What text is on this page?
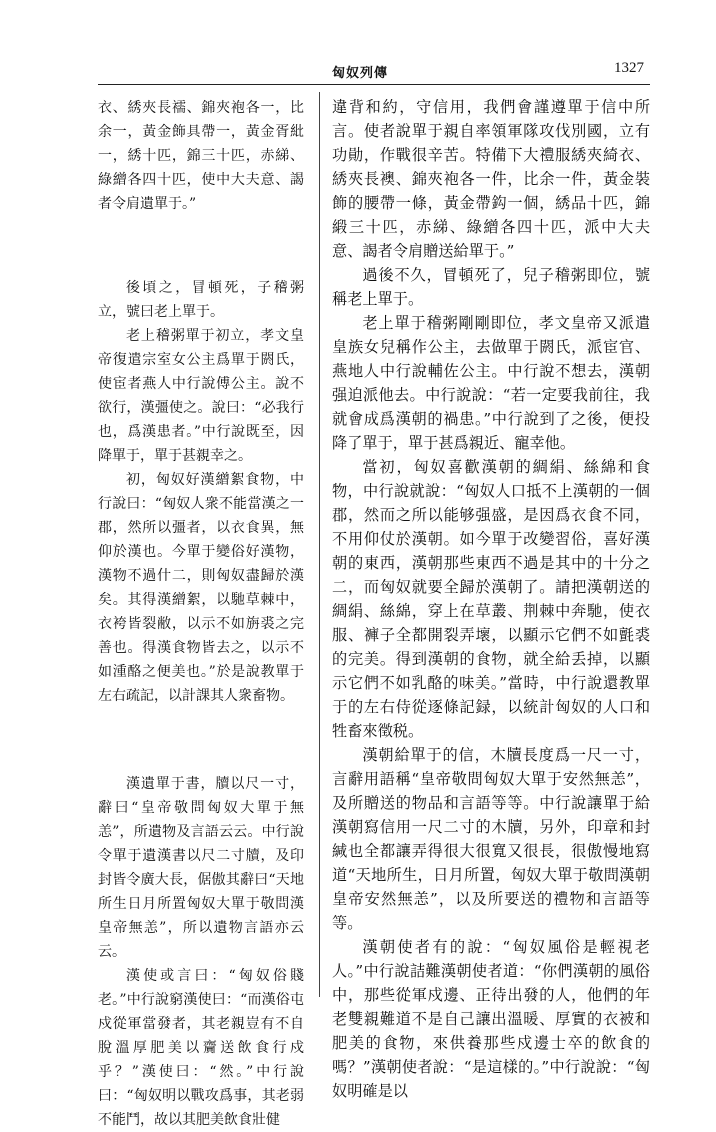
匈奴列傳	1327

衣、綉夾長襦、錦夾袍各一，比余一，黃金飾具帶一，黃金胥紕一，綉十匹，錦三十匹，赤綈、綠繒各四十匹，使中大夫意、謁者令肩遺單于。”

後頃之，冒頓死，子稽粥立，號曰老上單于。

老上稽粥單于初立，孝文皇帝復遣宗室女公主爲單于閼氏，使宦者燕人中行說傅公主。說不欲行，漢彊使之。說曰：“必我行也，爲漢患者。”中行說既至，因降單于，單于甚親幸之。

初，匈奴好漢繒絮食物，中行說曰：“匈奴人衆不能當漢之一郡，然所以彊者，以衣食異，無仰於漢也。今單于變俗好漢物，漢物不過什二，則匈奴盡歸於漢矣。其得漢繒絮，以馳草棘中，衣袴皆裂敝，以示不如旃裘之完善也。得漢食物皆去之，以示不如湩酪之便美也。”於是說教單于左右疏記，以計課其人衆畜物。

漢遺單于書，牘以尺一寸，辭曰“皇帝敬問匈奴大單于無恙”，所遺物及言語云云。中行說令單于遺漢書以尺二寸牘，及印封皆令廣大長，倨傲其辭曰“天地所生日月所置匈奴大單于敬問漢皇帝無恙”，所以遺物言語亦云云。

漢使或言曰：“匈奴俗賤老。”中行說窮漢使曰：“而漢俗屯戍從軍當發者，其老親豈有不自脫溫厚肥美以齎送飲食行戍乎？”漢使曰：“然。”中行說曰：“匈奴明以戰攻爲事，其老弱不能鬥，故以其肥美飲食壯健

違背和約，守信用，我們會謹遵單于信中所言。使者說單于親自率領軍隊攻伐別國，立有功勛，作戰很辛苦。特備下大禮服綉夾綺衣、綉夾長襖、錦夾袍各一件，比余一件，黃金裝飾的腰帶一條，黃金帶鈎一個，綉品十匹，錦緞三十匹，赤綈、綠繒各四十匹，派中大夫意、謁者令肩贈送給單于。”

過後不久，冒頓死了，兒子稽粥即位，號稱老上單于。

老上單于稽粥剛剛即位，孝文皇帝又派遣皇族女兒稱作公主，去做單于閼氏，派宦官、燕地人中行說輔佐公主。中行說不想去，漢朝强迫派他去。中行說說：“若一定要我前往，我就會成爲漢朝的禍患。”中行說到了之後，便投降了單于，單于甚爲親近、寵幸他。

當初，匈奴喜歡漢朝的綢絹、絲綿和食物，中行說就說：“匈奴人口抵不上漢朝的一個郡，然而之所以能够强盛，是因爲衣食不同，不用仰仗於漢朝。如今單于改變習俗，喜好漢朝的東西，漢朝那些東西不過是其中的十分之二，而匈奴就要全歸於漢朝了。請把漢朝送的綢絹、絲綿，穿上在草叢、荆棘中奔馳，使衣服、褲子全都開裂弄壞，以顯示它們不如氈裘的完美。得到漢朝的食物，就全給丢掉，以顯示它們不如乳酪的味美。”當時，中行說還教單于的左右侍從逐條記録，以統計匈奴的人口和牲畜來徵税。

漢朝給單于的信，木牘長度爲一尺一寸，言辭用語稱“皇帝敬問匈奴大單于安然無恙”，及所贈送的物品和言語等等。中行說讓單于給漢朝寫信用一尺二寸的木牘，另外，印章和封緘也全都讓弄得很大很寬又很長，很傲慢地寫道“天地所生，日月所置，匈奴大單于敬問漢朝皇帝安然無恙”，以及所要送的禮物和言語等等。

漢朝使者有的說：“匈奴風俗是輕視老人。”中行說詰難漢朝使者道：“你們漢朝的風俗中，那些從軍戍邊、正待出發的人，他們的年老雙親難道不是自己讓出溫暖、厚實的衣被和肥美的食物，來供養那些戍邊士卒的飲食的嗎？”漢朝使者說：“是這樣的。”中行說說：“匈奴明確是以
